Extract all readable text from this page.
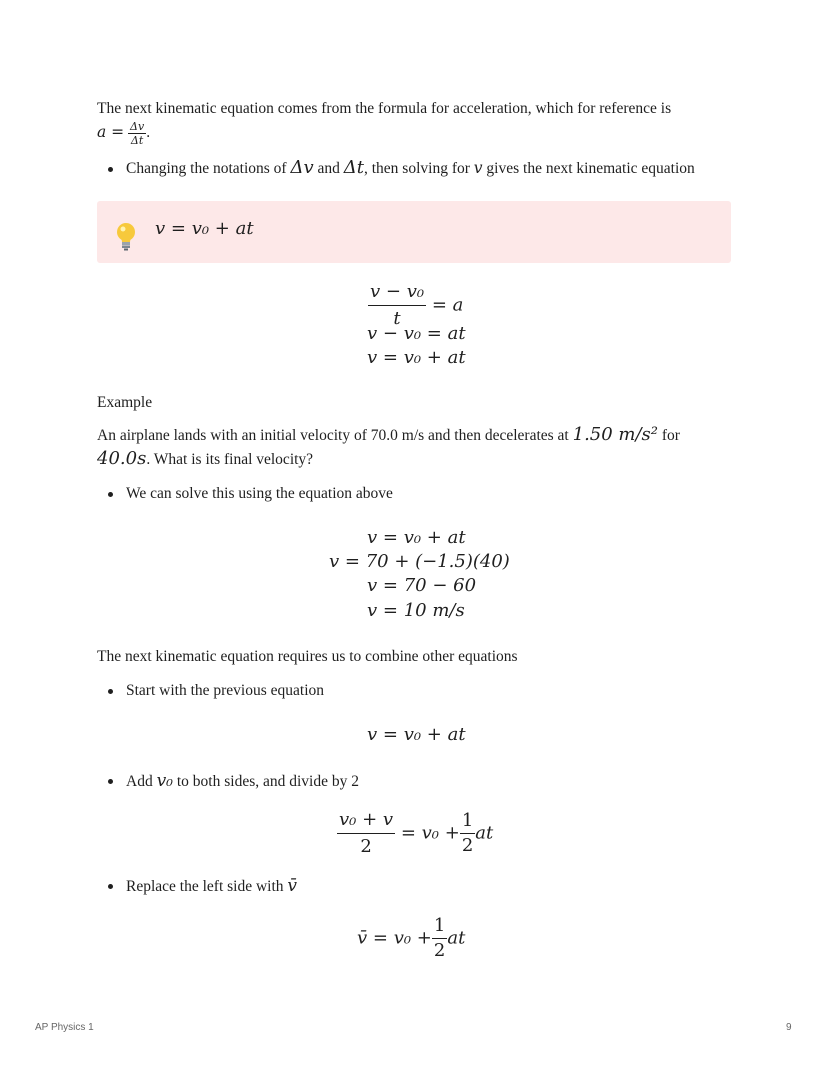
The next kinematic equation comes from the formula for acceleration, which for reference is
$a = \frac{\Delta v}{\Delta t}$ .
Changing the notations of Δv and Δt, then solving for v gives the next kinematic equation
v = v₀ + at
$\frac{\text{v − v₀}}{t} = a$
v − v₀ = at
v = v₀ + at
Example
An airplane lands with an initial velocity of 70.0 m/s and then decelerates at 1.50 m/s² for
40.0s. What is its final velocity?
We can solve this using the equation above
v = v₀ + at
v = 70 + (−1.5)(40)
v = 70 − 60
v = 10 m/s
The next kinematic equation requires us to combine other equations
Start with the previous equation
v = v₀ + at
Add v₀ to both sides, and divide by 2
$\frac{\text{v₀ + v}}{2} = v_0 + \frac{1}{2}$ at
Replace the left side with v̄
v̄ = $v_0 + \frac{1}{2}$ at
AP Physics 1	9
